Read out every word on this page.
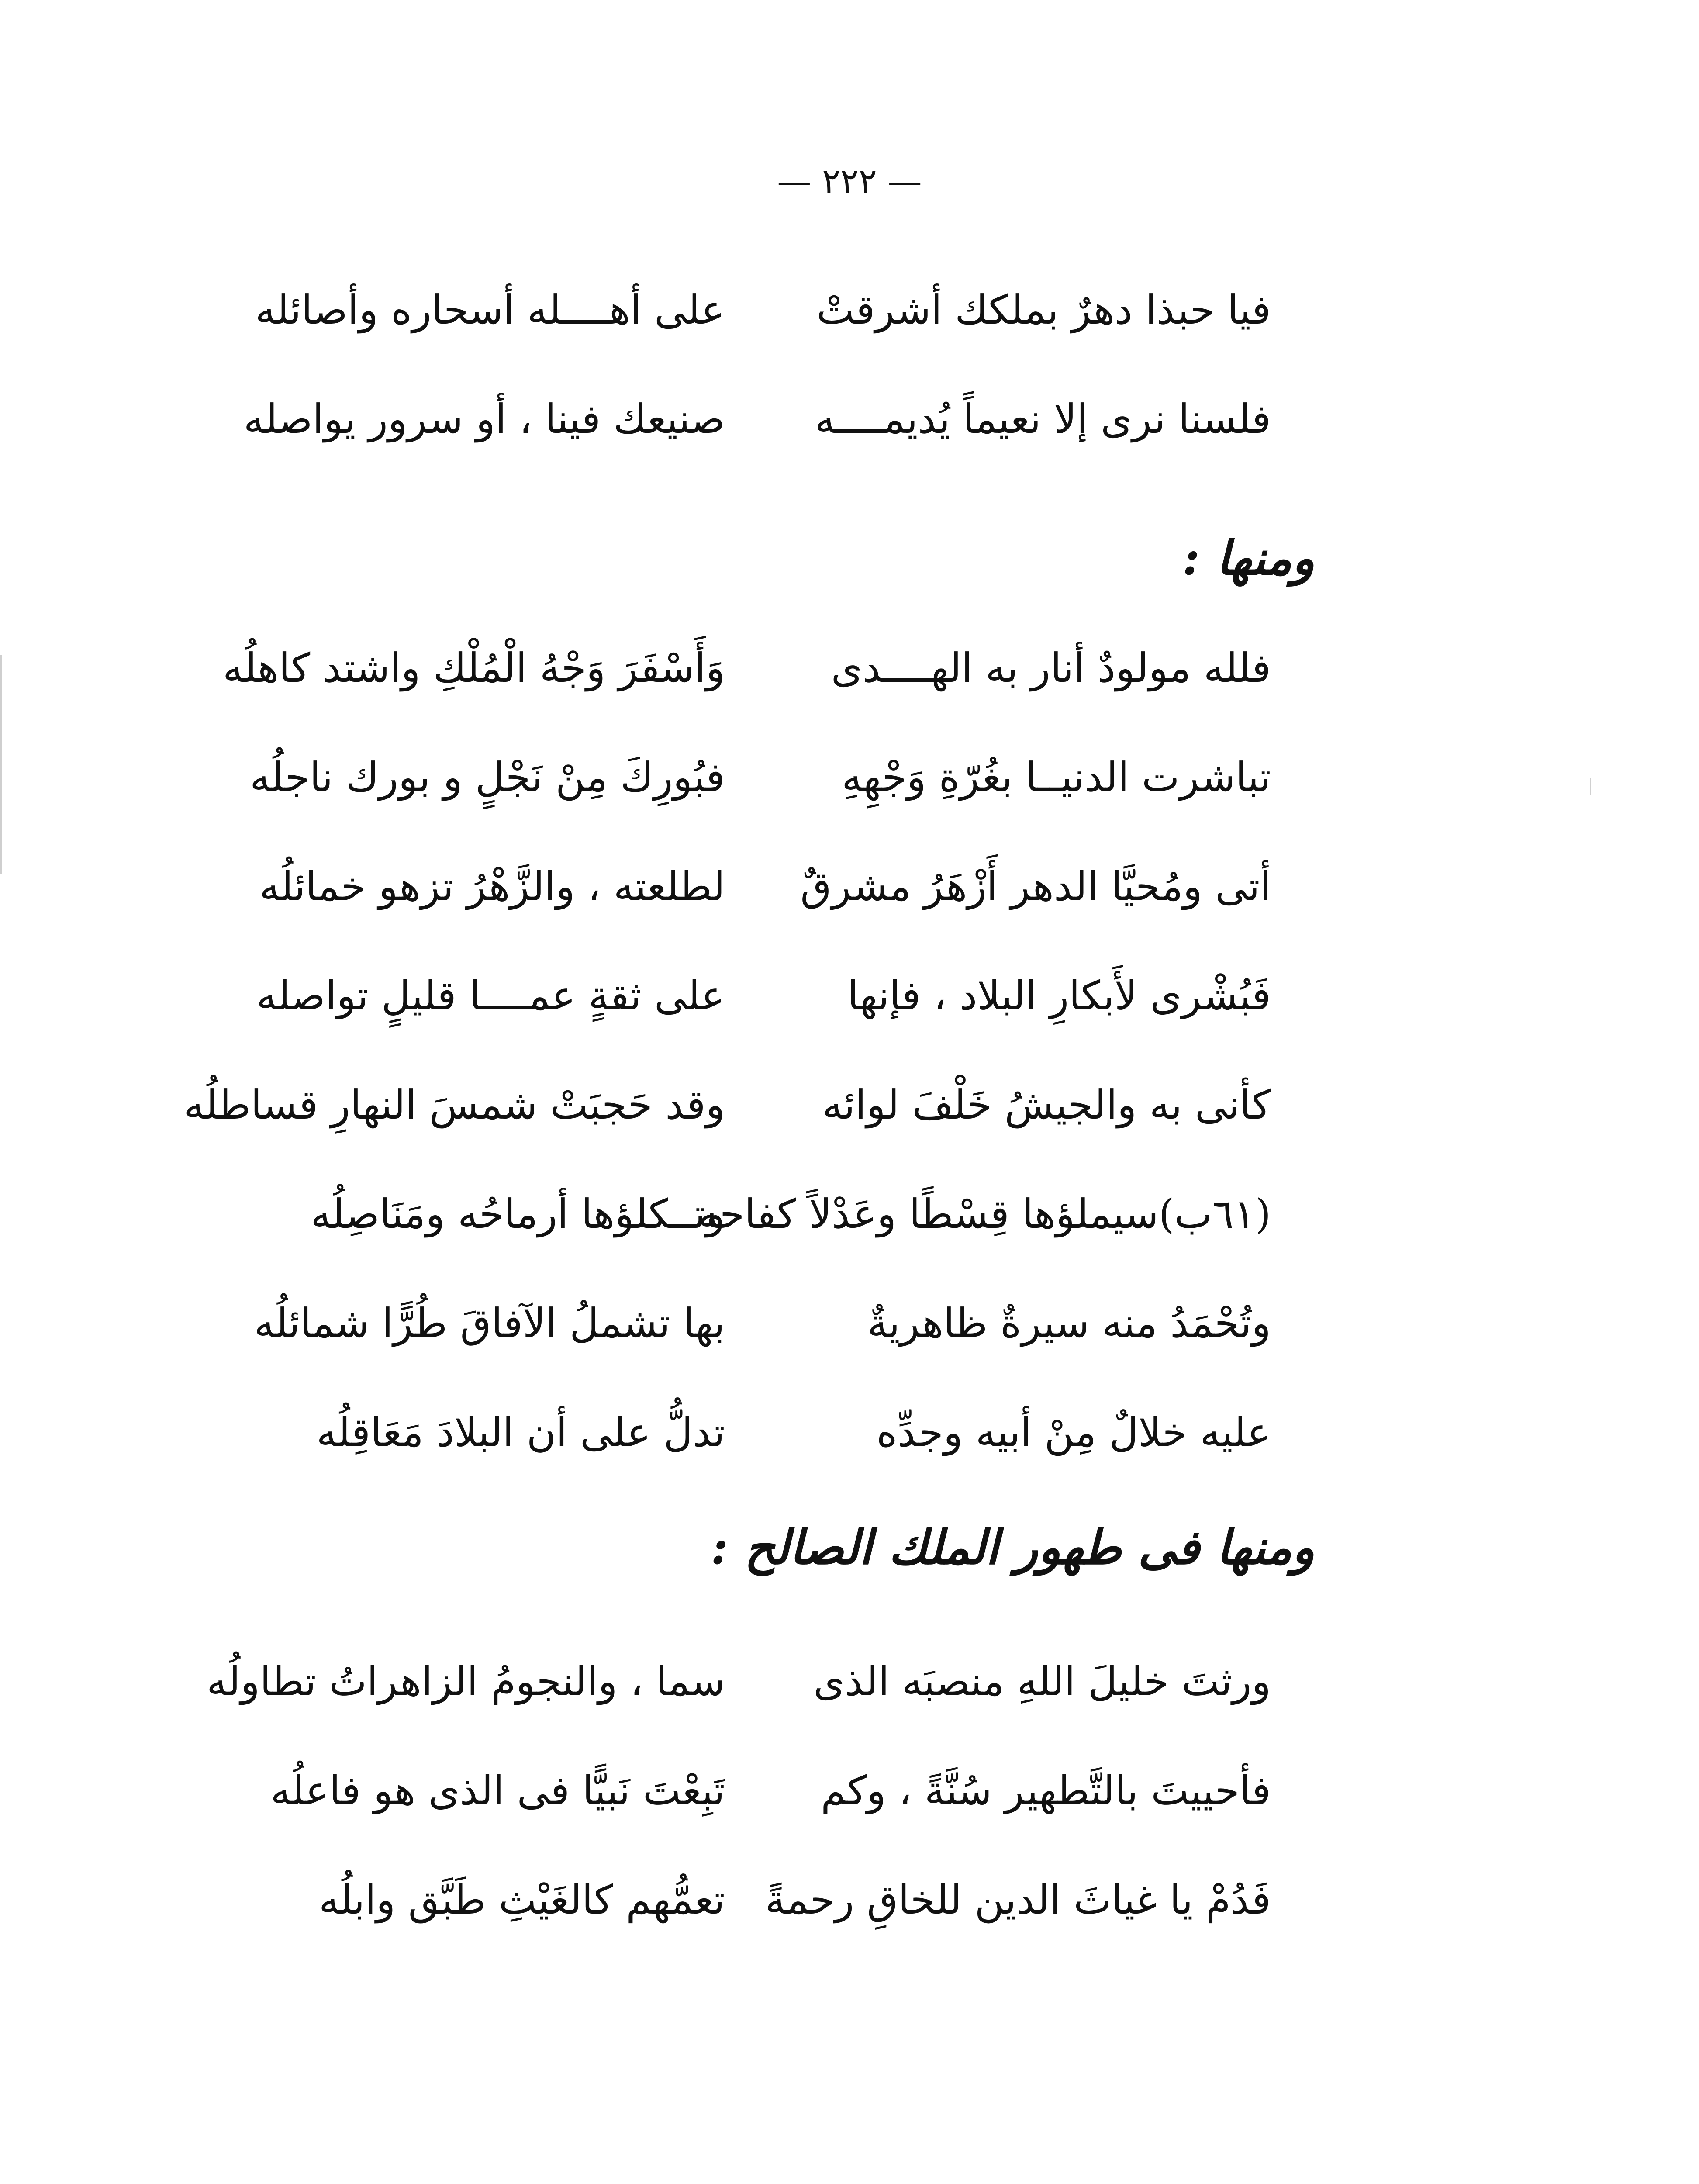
— ٢٢٢ —
فيا حبذا دهرٌ بملكك أشرقتْ
على أهــــله أسحاره وأصائله
فلسنا نرى إلا نعيماً يُديمــــه
صنيعك فينا ، أو سرور يواصله
ومنها :
فلله مولودٌ أنار به الهــــدى
وَأَسْفَرَ وَجْهُ الْمُلْكِ واشتد كاهلُه
تباشرت الدنيــا بغُرّةِ وَجْهِهِ
فبُورِكَ مِنْ نَجْلٍ و بورك ناجلُه
أتى ومُحيَّا الدهر أَزْهَرُ مشرقٌ
لطلعته ، والزَّهْرُ تزهو خمائلُه
فَبُشْرى لأَبكارِ البلاد ، فإنها
على ثقةٍ عمــــا قليلٍ تواصله
كأنى به والجيشُ خَلْفَ لوائه
وقد حَجبَتْ شمسَ النهارِ قساطلُه
(٦١ب)سيملؤها قِسْطًا وعَدْلاً كفاحه
وتــكلؤها أرماحُه ومَنَاصِلُه
وتُحْمَدُ منه سيرةٌ ظاهريةٌ
بها تشملُ الآفاقَ طُرًّا شمائلُه
عليه خلالٌ مِنْ أبيه وجدِّه
تدلُّ على أن البلادَ مَعَاقِلُه
ومنها فى طهور الملك الصالح :
ورثتَ خليلَ اللهِ منصبَه الذى
سما ، والنجومُ الزاهراتُ تطاولُه
فأحييتَ بالتَّطهير سُنَّةً ، وكم
تَبِعْتَ نَبيًّا فى الذى هو فاعلُه
فَدُمْ يا غياثَ الدين للخاقِ رحمةً
تعمُّهم كالغَيْثِ طَبَّق وابلُه
